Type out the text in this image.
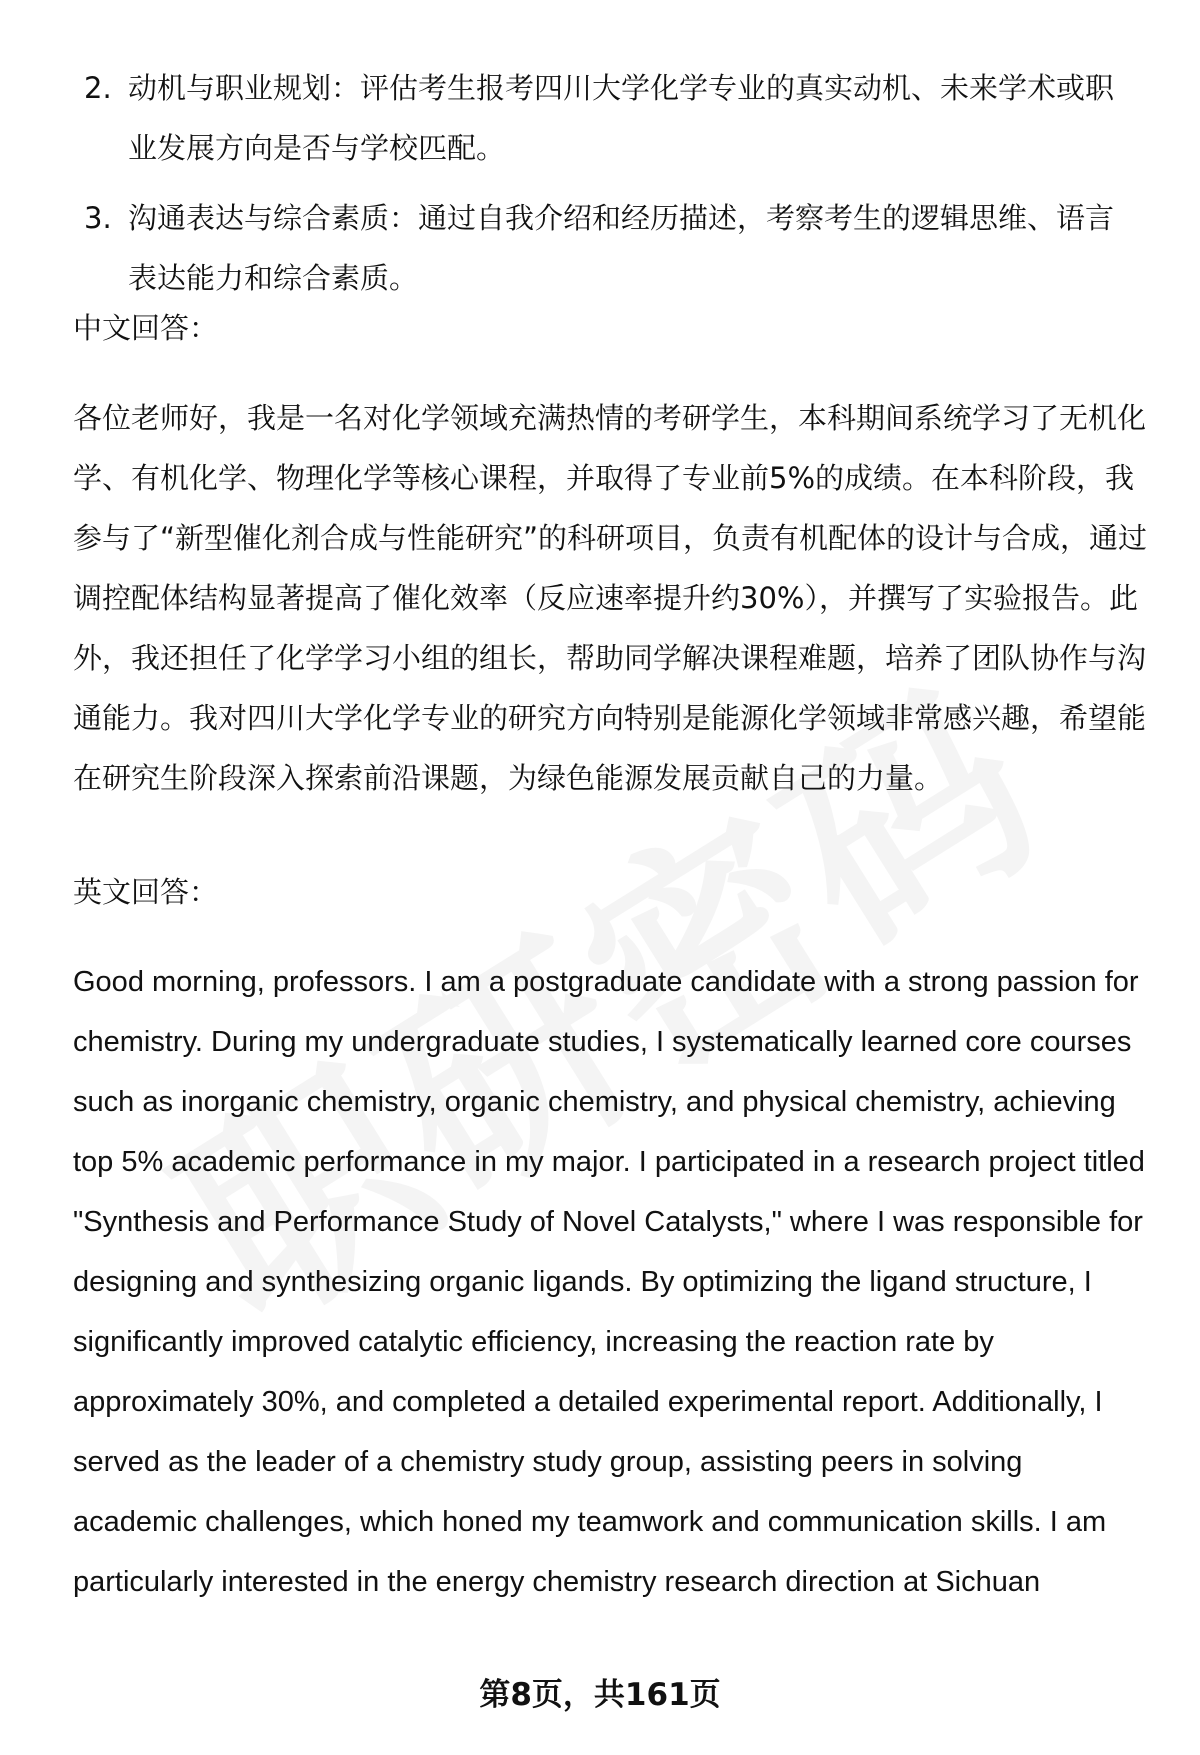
2. 动机与职业规划：评估考生报考四川大学化学专业的真实动机、未来学术或职业发展方向是否与学校匹配。
3. 沟通表达与综合素质：通过自我介绍和经历描述，考察考生的逻辑思维、语言表达能力和综合素质。
中文回答：

各位老师好，我是一名对化学领域充满热情的考研学生，本科期间系统学习了无机化学、有机化学、物理化学等核心课程，并取得了专业前5%的成绩。在本科阶段，我参与了“新型催化剂合成与性能研究”的科研项目，负责有机配体的设计与合成，通过调控配体结构显著提高了催化效率（反应速率提升约30%），并撰写了实验报告。此外，我还担任了化学学习小组的组长，帮助同学解决课程难题，培养了团队协作与沟通能力。我对四川大学化学专业的研究方向特别是能源化学领域非常感兴趣，希望能在研究生阶段深入探索前沿课题，为绿色能源发展贡献自己的力量。

英文回答：

Good morning, professors. I am a postgraduate candidate with a strong passion for chemistry. During my undergraduate studies, I systematically learned core courses such as inorganic chemistry, organic chemistry, and physical chemistry, achieving top 5% academic performance in my major. I participated in a research project titled "Synthesis and Performance Study of Novel Catalysts," where I was responsible for designing and synthesizing organic ligands. By optimizing the ligand structure, I significantly improved catalytic efficiency, increasing the reaction rate by approximately 30%, and completed a detailed experimental report. Additionally, I served as the leader of a chemistry study group, assisting peers in solving academic challenges, which honed my teamwork and communication skills. I am particularly interested in the energy chemistry research direction at Sichuan

第8页，共161页
